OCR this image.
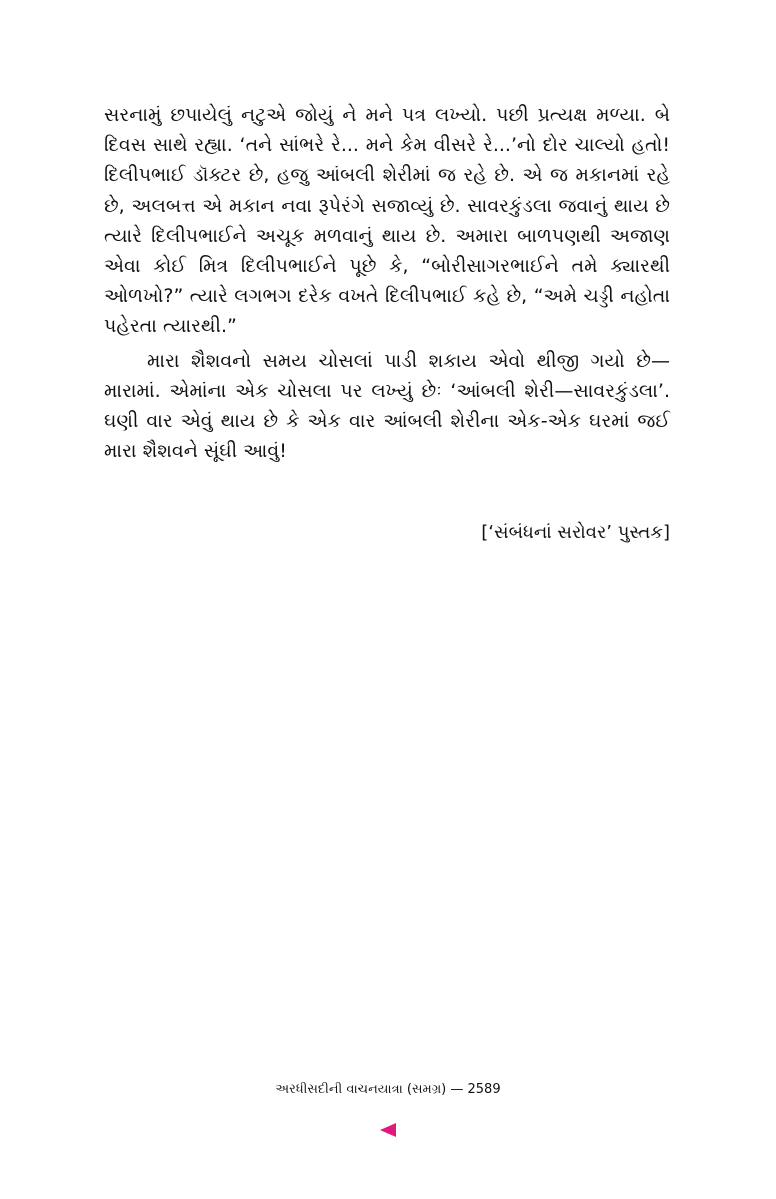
સરનામું છપાયેલું નટુએ જોયું ને મને પત્ર લખ્યો. પછી પ્રત્યક્ષ મળ્યા. બે દિવસ સાથે રહ્યા. ‘તને સાંભરે રે... મને કેમ વીસરે રે...’નો દોર ચાલ્યો હતો! દિલીપભાઈ ડૉક્ટર છે, હજુ આંબલી શેરીમાં જ રહે છે. એ જ મકાનમાં રહે છે, અલબત્ત એ મકાન નવા રૂપેરંગે સજાવ્યું છે. સાવરકુંડલા જવાનું થાય છે ત્યારે દિલીપભાઈને અચૂક મળવાનું થાય છે. અમારા બાળપણથી અજાણ એવા કોઈ મિત્ર દિલીપભાઈને પૂછે કે, “બોરીસાગરભાઈને તમે ક્યારથી ઓળખો?” ત્યારે લગભગ દરેક વખતે દિલીપભાઈ કહે છે, “અમે ચડ્ડી નહોતા પહેરતા ત્યારથી.”

મારા શૈશવનો સમય ચોસલાં પાડી શકાય એવો થીજી ગયો છે—મારામાં. એમાંના એક ચોસલા પર લખ્યું છેઃ ‘આંબલી શેરી—સાવરકુંડલા’. ઘણી વાર એવું થાય છે કે એક વાર આંબલી શેરીના એક-એક ઘરમાં જઈ મારા શૈશવને સૂંઘી આવું!

[‘સંબંધનાં સરોવર’ પુસ્તક]
અરધીસદીની વાચનયાત્રા (સમગ્ર) — 2589
